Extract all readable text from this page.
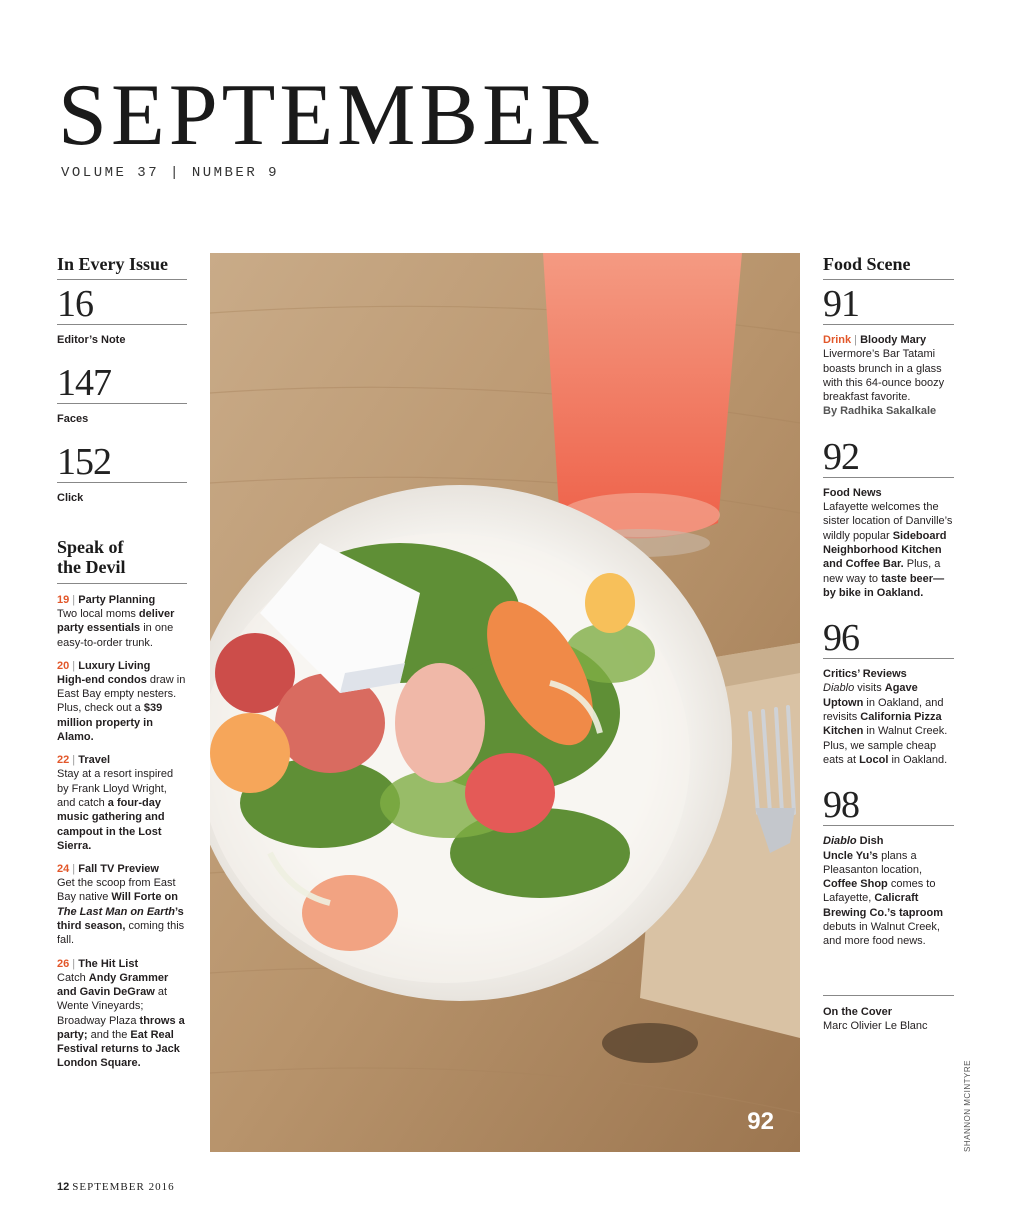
SEPTEMBER
VOLUME 37 | NUMBER 9
In Every Issue
16
Editor’s Note
147
Faces
152
Click
Speak of
the Devil
19 | Party Planning
Two local moms deliver party essentials in one easy-to-order trunk.
20 | Luxury Living
High-end condos draw in East Bay empty nesters. Plus, check out a $39 million property in Alamo.
22 | Travel
Stay at a resort inspired by Frank Lloyd Wright, and catch a four-day music gathering and campout in the Lost Sierra.
24 | Fall TV Preview
Get the scoop from East Bay native Will Forte on The Last Man on Earth’s third season, coming this fall.
26 | The Hit List
Catch Andy Grammer and Gavin DeGraw at Wente Vineyards; Broadway Plaza throws a party; and the Eat Real Festival returns to Jack London Square.
92
Food Scene
91
Drink | Bloody Mary
Livermore’s Bar Tatami boasts brunch in a glass with this 64-ounce boozy breakfast favorite.
By Radhika Sakalkale
92
Food News
Lafayette welcomes the sister location of Danville’s wildly popular Sideboard Neighborhood Kitchen and Coffee Bar. Plus, a new way to taste beer—by bike in Oakland.
96
Critics’ Reviews
Diablo visits Agave Uptown in Oakland, and revisits California Pizza Kitchen in Walnut Creek. Plus, we sample cheap eats at Locol in Oakland.
98
Diablo Dish
Uncle Yu’s plans a Pleasanton location, Coffee Shop comes to Lafayette, Calicraft Brewing Co.’s taproom debuts in Walnut Creek, and more food news.
On the Cover
Marc Olivier Le Blanc
SHANNON MCINTYRE
12 SEPTEMBER 2016
